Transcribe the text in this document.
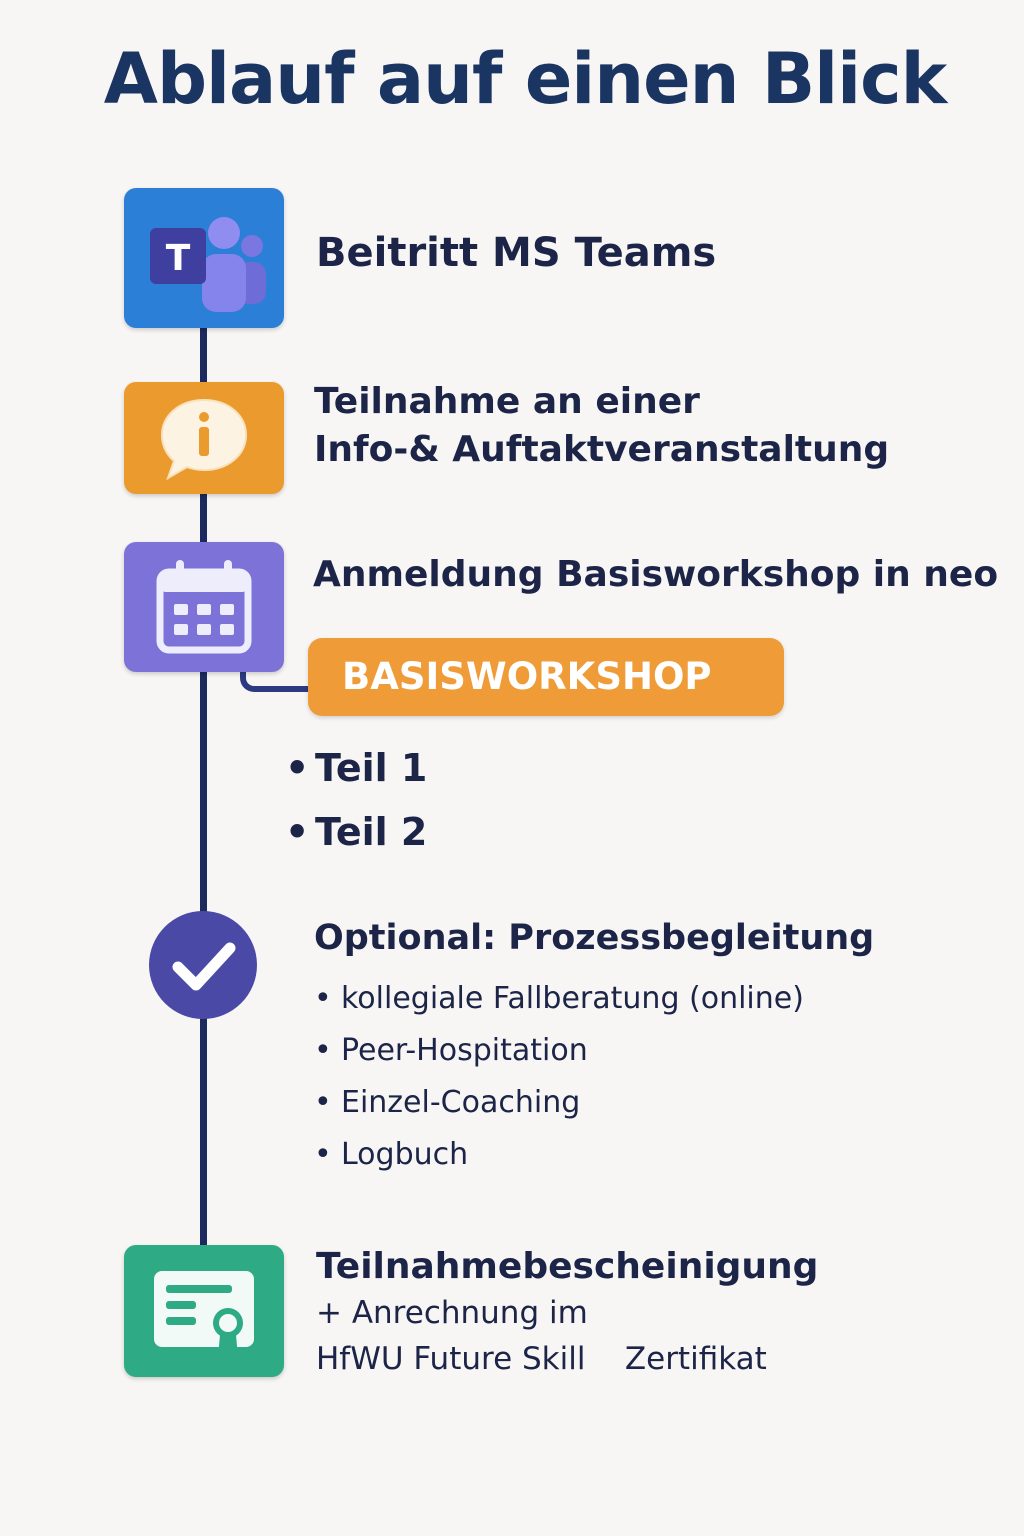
Ablauf auf einen Blick
T	Beitritt MS Teams

Teilnahme an einer
Info-& Auftaktveranstaltung

Anmeldung Basisworkshop in neo

BASISWORKSHOP
• Teil 1
• Teil 2

Optional: Prozessbegleitung

• kollegiale Fallberatung (online)
• Peer-Hospitation
• Einzel-Coaching
• Logbuch

Teilnahmebescheinigung
+ Anrechnung im
HfWU Future Skill    Zertifikat
